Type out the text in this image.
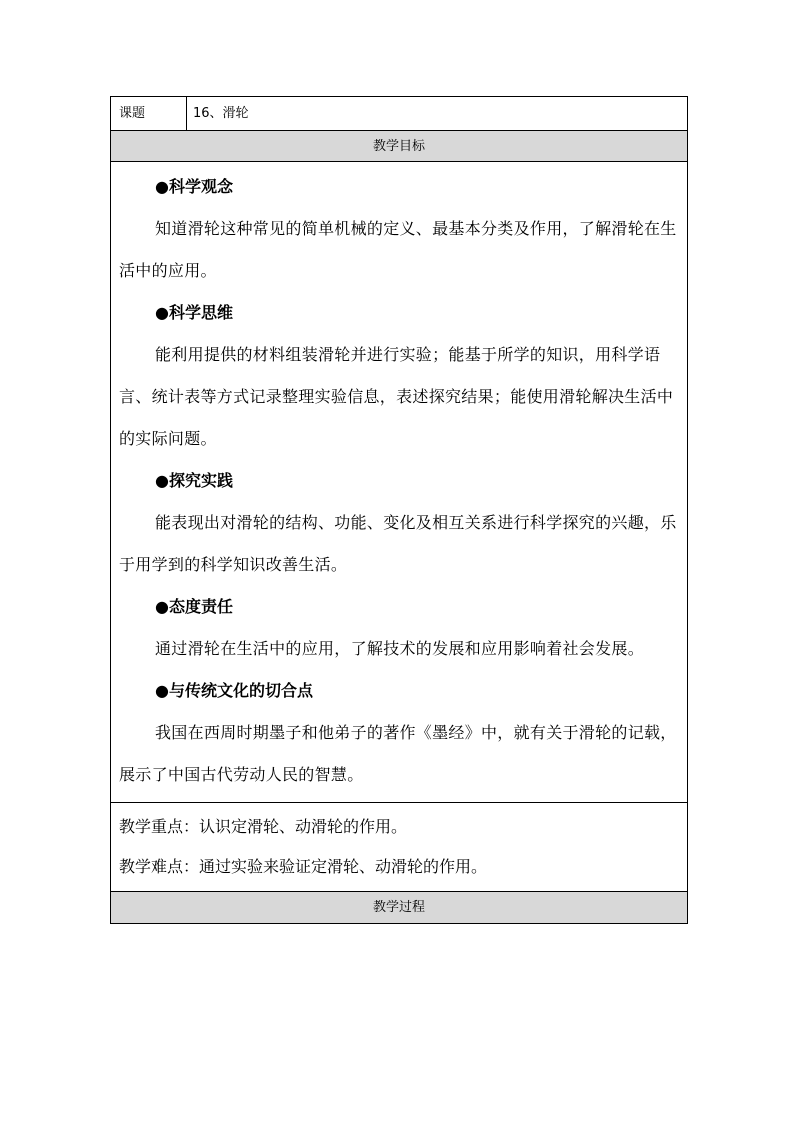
课题	16、滑轮
教学目标
●科学观念

知道滑轮这种常见的简单机械的定义、最基本分类及作用，了解滑轮在生活中的应用。

●科学思维

能利用提供的材料组装滑轮并进行实验；能基于所学的知识，用科学语言、统计表等方式记录整理实验信息，表述探究结果；能使用滑轮解决生活中的实际问题。

●探究实践

能表现出对滑轮的结构、功能、变化及相互关系进行科学探究的兴趣，乐于用学到的科学知识改善生活。

●态度责任

通过滑轮在生活中的应用，了解技术的发展和应用影响着社会发展。

●与传统文化的切合点

我国在西周时期墨子和他弟子的著作《墨经》中，就有关于滑轮的记载，展示了中国古代劳动人民的智慧。

教学重点：认识定滑轮、动滑轮的作用。
教学难点：通过实验来验证定滑轮、动滑轮的作用。
教学过程
